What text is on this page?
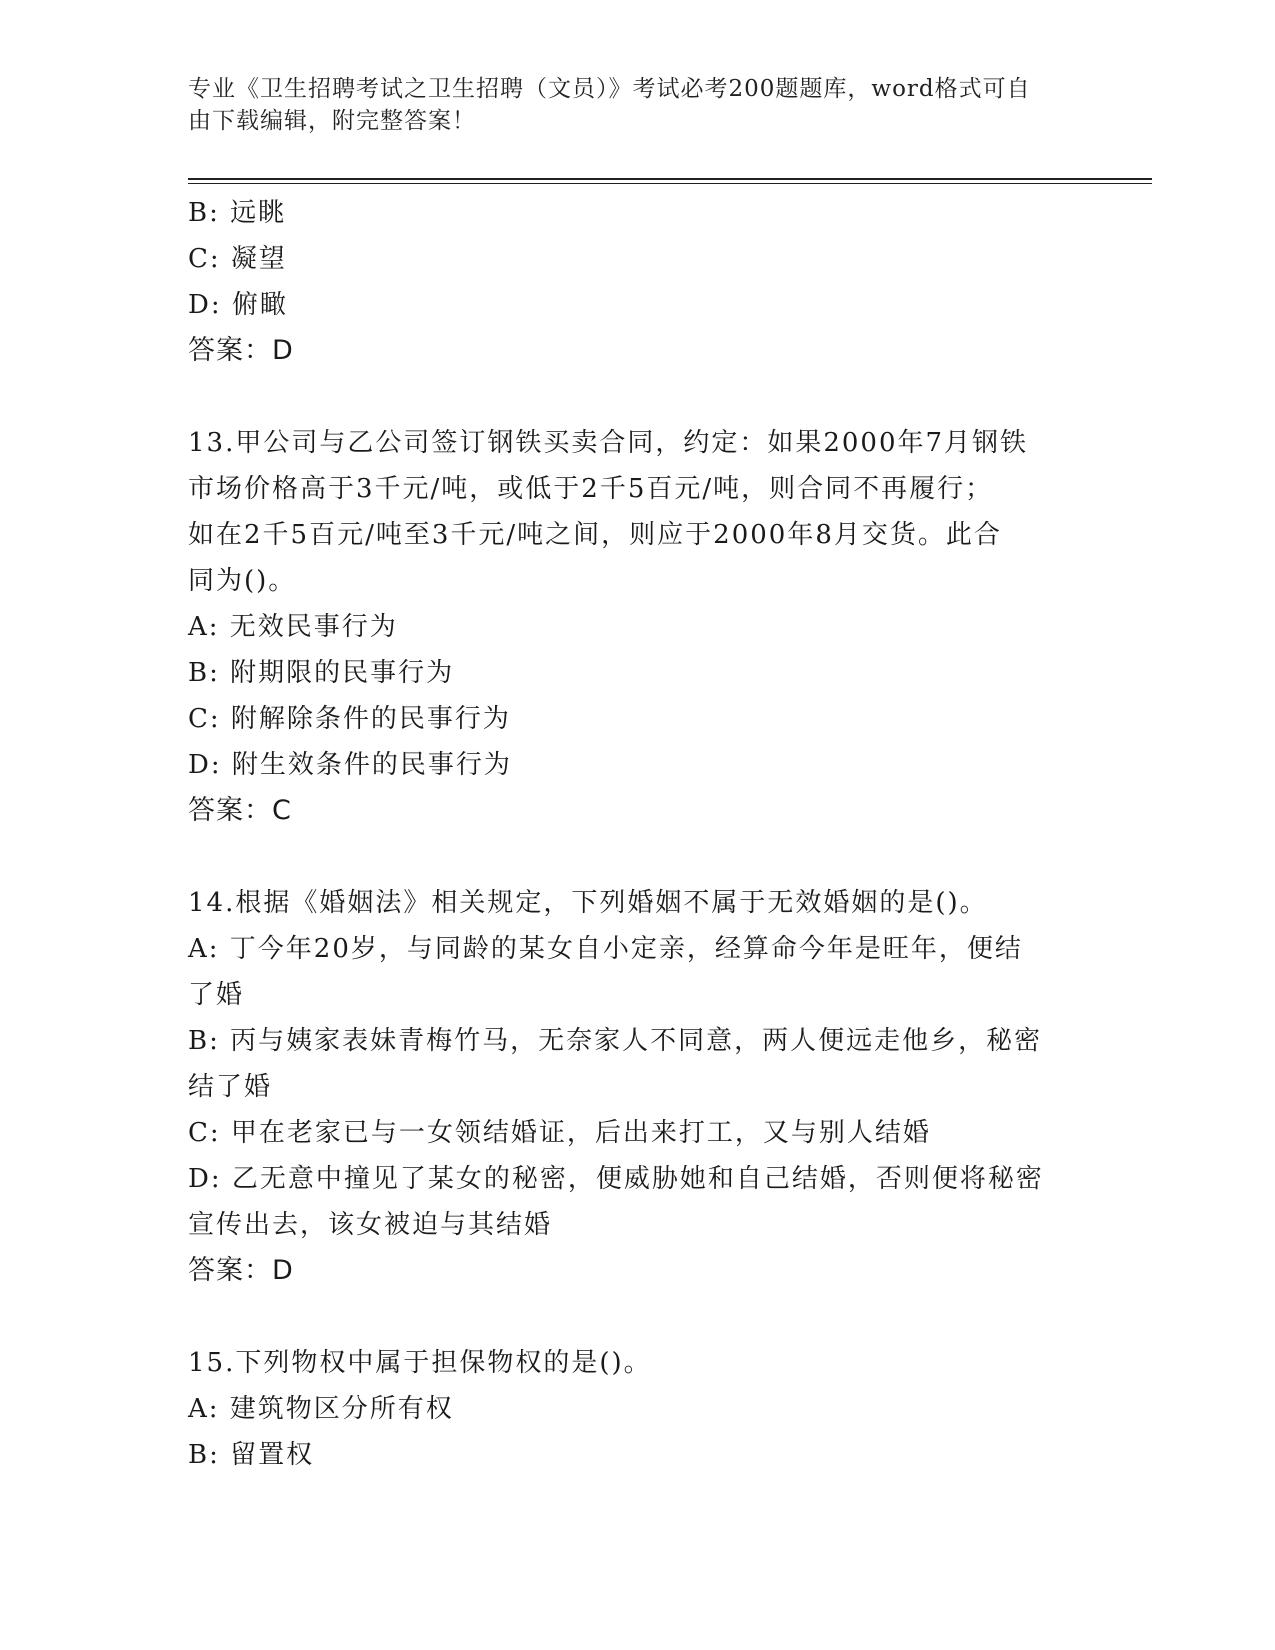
专业《卫生招聘考试之卫生招聘（文员）》考试必考200题题库，word格式可自
由下载编辑，附完整答案！
B: 远眺
C: 凝望
D: 俯瞰
答案：D
13.甲公司与乙公司签订钢铁买卖合同，约定：如果2000年7月钢铁
市场价格高于3千元/吨，或低于2千5百元/吨，则合同不再履行；
如在2千5百元/吨至3千元/吨之间，则应于2000年8月交货。此合
同为()。
A: 无效民事行为
B: 附期限的民事行为
C: 附解除条件的民事行为
D: 附生效条件的民事行为
答案：C
14.根据《婚姻法》相关规定，下列婚姻不属于无效婚姻的是()。
A: 丁今年20岁，与同龄的某女自小定亲，经算命今年是旺年，便结
了婚
B: 丙与姨家表妹青梅竹马，无奈家人不同意，两人便远走他乡，秘密
结了婚
C: 甲在老家已与一女领结婚证，后出来打工，又与别人结婚
D: 乙无意中撞见了某女的秘密，便威胁她和自己结婚，否则便将秘密
宣传出去，该女被迫与其结婚
答案：D
15.下列物权中属于担保物权的是()。
A: 建筑物区分所有权
B: 留置权
